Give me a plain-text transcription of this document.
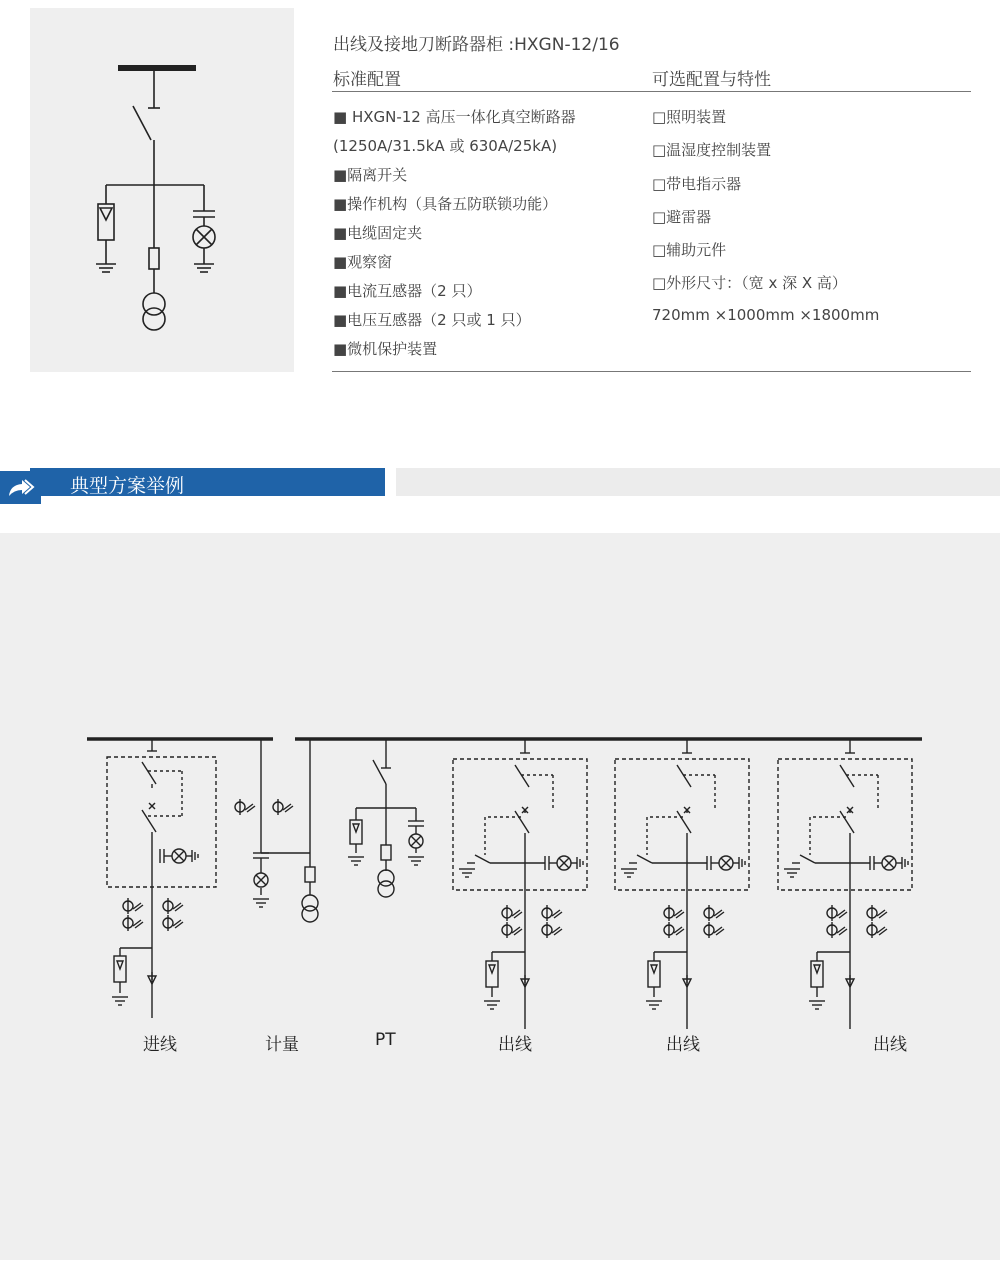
出线及接地刀断路器柜 :HXGN-12/16
标准配置	可选配置与特性
■ HXGN-12 高压一体化真空断路器
(1250A/31.5kA 或 630A/25kA)
■隔离开关
■操作机构（具备五防联锁功能）
■电缆固定夹
■观察窗
■电流互感器（2 只）
■电压互感器（2 只或 1 只）
■微机保护装置
□照明装置
□温湿度控制装置
□带电指示器
□避雷器
□辅助元件
□外形尺寸：（宽 x 深 X 高）
720mm ×1000mm ×1800mm
典型方案举例
进线	计量	PT	出线	出线	出线
